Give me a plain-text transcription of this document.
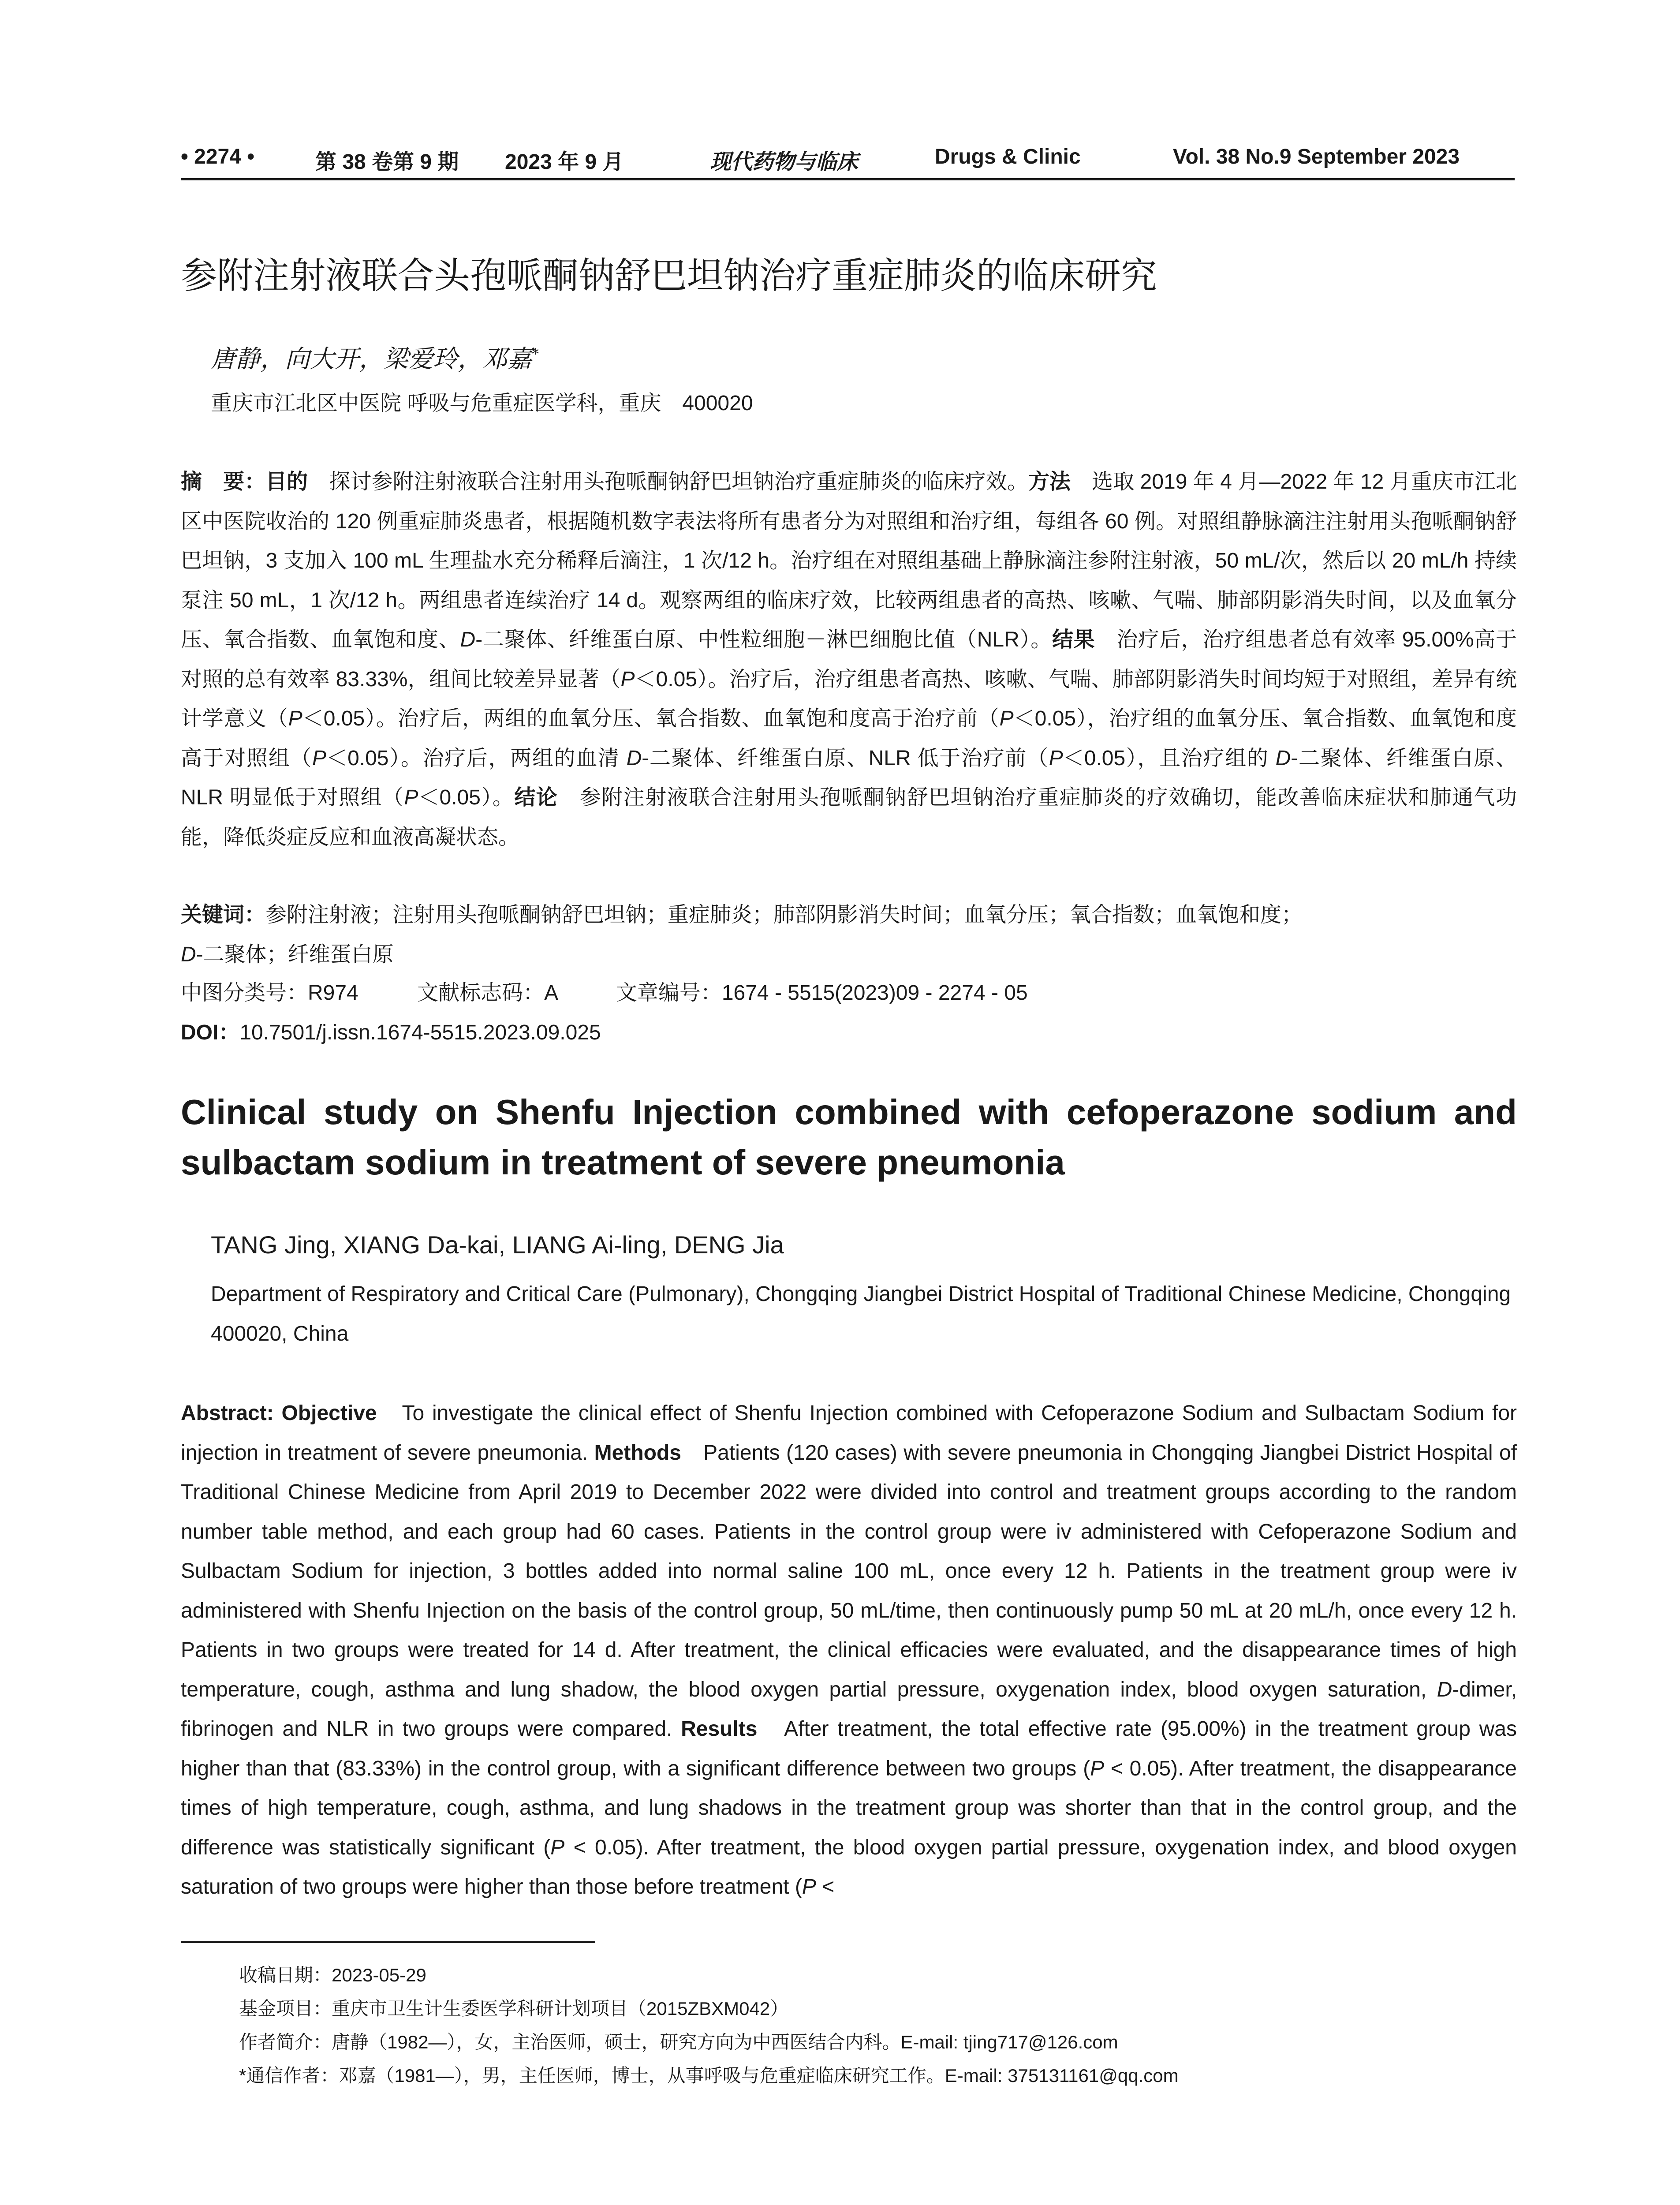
• 2274 •	第 38 卷第 9 期 2023 年 9 月	现代药物与临床	Drugs & Clinic	Vol. 38 No.9 September 2023
参附注射液联合头孢哌酮钠舒巴坦钠治疗重症肺炎的临床研究
唐静，向大开，梁爱玲，邓嘉*
重庆市江北区中医院 呼吸与危重症医学科，重庆　400020
摘　要：目的　探讨参附注射液联合注射用头孢哌酮钠舒巴坦钠治疗重症肺炎的临床疗效。方法　选取 2019 年 4 月—2022 年 12 月重庆市江北区中医院收治的 120 例重症肺炎患者，根据随机数字表法将所有患者分为对照组和治疗组，每组各 60 例。对照组静脉滴注注射用头孢哌酮钠舒巴坦钠，3 支加入 100 mL 生理盐水充分稀释后滴注，1 次/12 h。治疗组在对照组基础上静脉滴注参附注射液，50 mL/次，然后以 20 mL/h 持续泵注 50 mL，1 次/12 h。两组患者连续治疗 14 d。观察两组的临床疗效，比较两组患者的高热、咳嗽、气喘、肺部阴影消失时间，以及血氧分压、氧合指数、血氧饱和度、D-二聚体、纤维蛋白原、中性粒细胞－淋巴细胞比值（NLR）。结果　治疗后，治疗组患者总有效率 95.00%高于对照的总有效率 83.33%，组间比较差异显著（P＜0.05）。治疗后，治疗组患者高热、咳嗽、气喘、肺部阴影消失时间均短于对照组，差异有统计学意义（P＜0.05）。治疗后，两组的血氧分压、氧合指数、血氧饱和度高于治疗前（P＜0.05），治疗组的血氧分压、氧合指数、血氧饱和度高于对照组（P＜0.05）。治疗后，两组的血清 D-二聚体、纤维蛋白原、NLR 低于治疗前（P＜0.05），且治疗组的 D-二聚体、纤维蛋白原、NLR 明显低于对照组（P＜0.05）。结论　参附注射液联合注射用头孢哌酮钠舒巴坦钠治疗重症肺炎的疗效确切，能改善临床症状和肺通气功能，降低炎症反应和血液高凝状态。
关键词：参附注射液；注射用头孢哌酮钠舒巴坦钠；重症肺炎；肺部阴影消失时间；血氧分压；氧合指数；血氧饱和度；
D-二聚体；纤维蛋白原
中图分类号：R974          文献标志码：A          文章编号：1674 - 5515(2023)09 - 2274 - 05
DOI：10.7501/j.issn.1674-5515.2023.09.025
Clinical study on Shenfu Injection combined with cefoperazone sodium and sulbactam sodium in treatment of severe pneumonia
TANG Jing, XIANG Da-kai, LIANG Ai-ling, DENG Jia
Department of Respiratory and Critical Care (Pulmonary), Chongqing Jiangbei District Hospital of Traditional Chinese Medicine, Chongqing 400020, China
Abstract: Objective　To investigate the clinical effect of Shenfu Injection combined with Cefoperazone Sodium and Sulbactam Sodium for injection in treatment of severe pneumonia. Methods　Patients (120 cases) with severe pneumonia in Chongqing Jiangbei District Hospital of Traditional Chinese Medicine from April 2019 to December 2022 were divided into control and treatment groups according to the random number table method, and each group had 60 cases. Patients in the control group were iv administered with Cefoperazone Sodium and Sulbactam Sodium for injection, 3 bottles added into normal saline 100 mL, once every 12 h. Patients in the treatment group were iv administered with Shenfu Injection on the basis of the control group, 50 mL/time, then continuously pump 50 mL at 20 mL/h, once every 12 h. Patients in two groups were treated for 14 d. After treatment, the clinical efficacies were evaluated, and the disappearance times of high temperature, cough, asthma and lung shadow, the blood oxygen partial pressure, oxygenation index, blood oxygen saturation, D-dimer, fibrinogen and NLR in two groups were compared. Results　After treatment, the total effective rate (95.00%) in the treatment group was higher than that (83.33%) in the control group, with a significant difference between two groups (P < 0.05). After treatment, the disappearance times of high temperature, cough, asthma, and lung shadows in the treatment group was shorter than that in the control group, and the difference was statistically significant (P < 0.05). After treatment, the blood oxygen partial pressure, oxygenation index, and blood oxygen saturation of two groups were higher than those before treatment (P <
收稿日期：2023-05-29
基金项目：重庆市卫生计生委医学科研计划项目（2015ZBXM042）
作者简介：唐静（1982—），女，主治医师，硕士，研究方向为中西医结合内科。E-mail: tjing717@126.com
*通信作者：邓嘉（1981—），男，主任医师，博士，从事呼吸与危重症临床研究工作。E-mail: 375131161@qq.com
